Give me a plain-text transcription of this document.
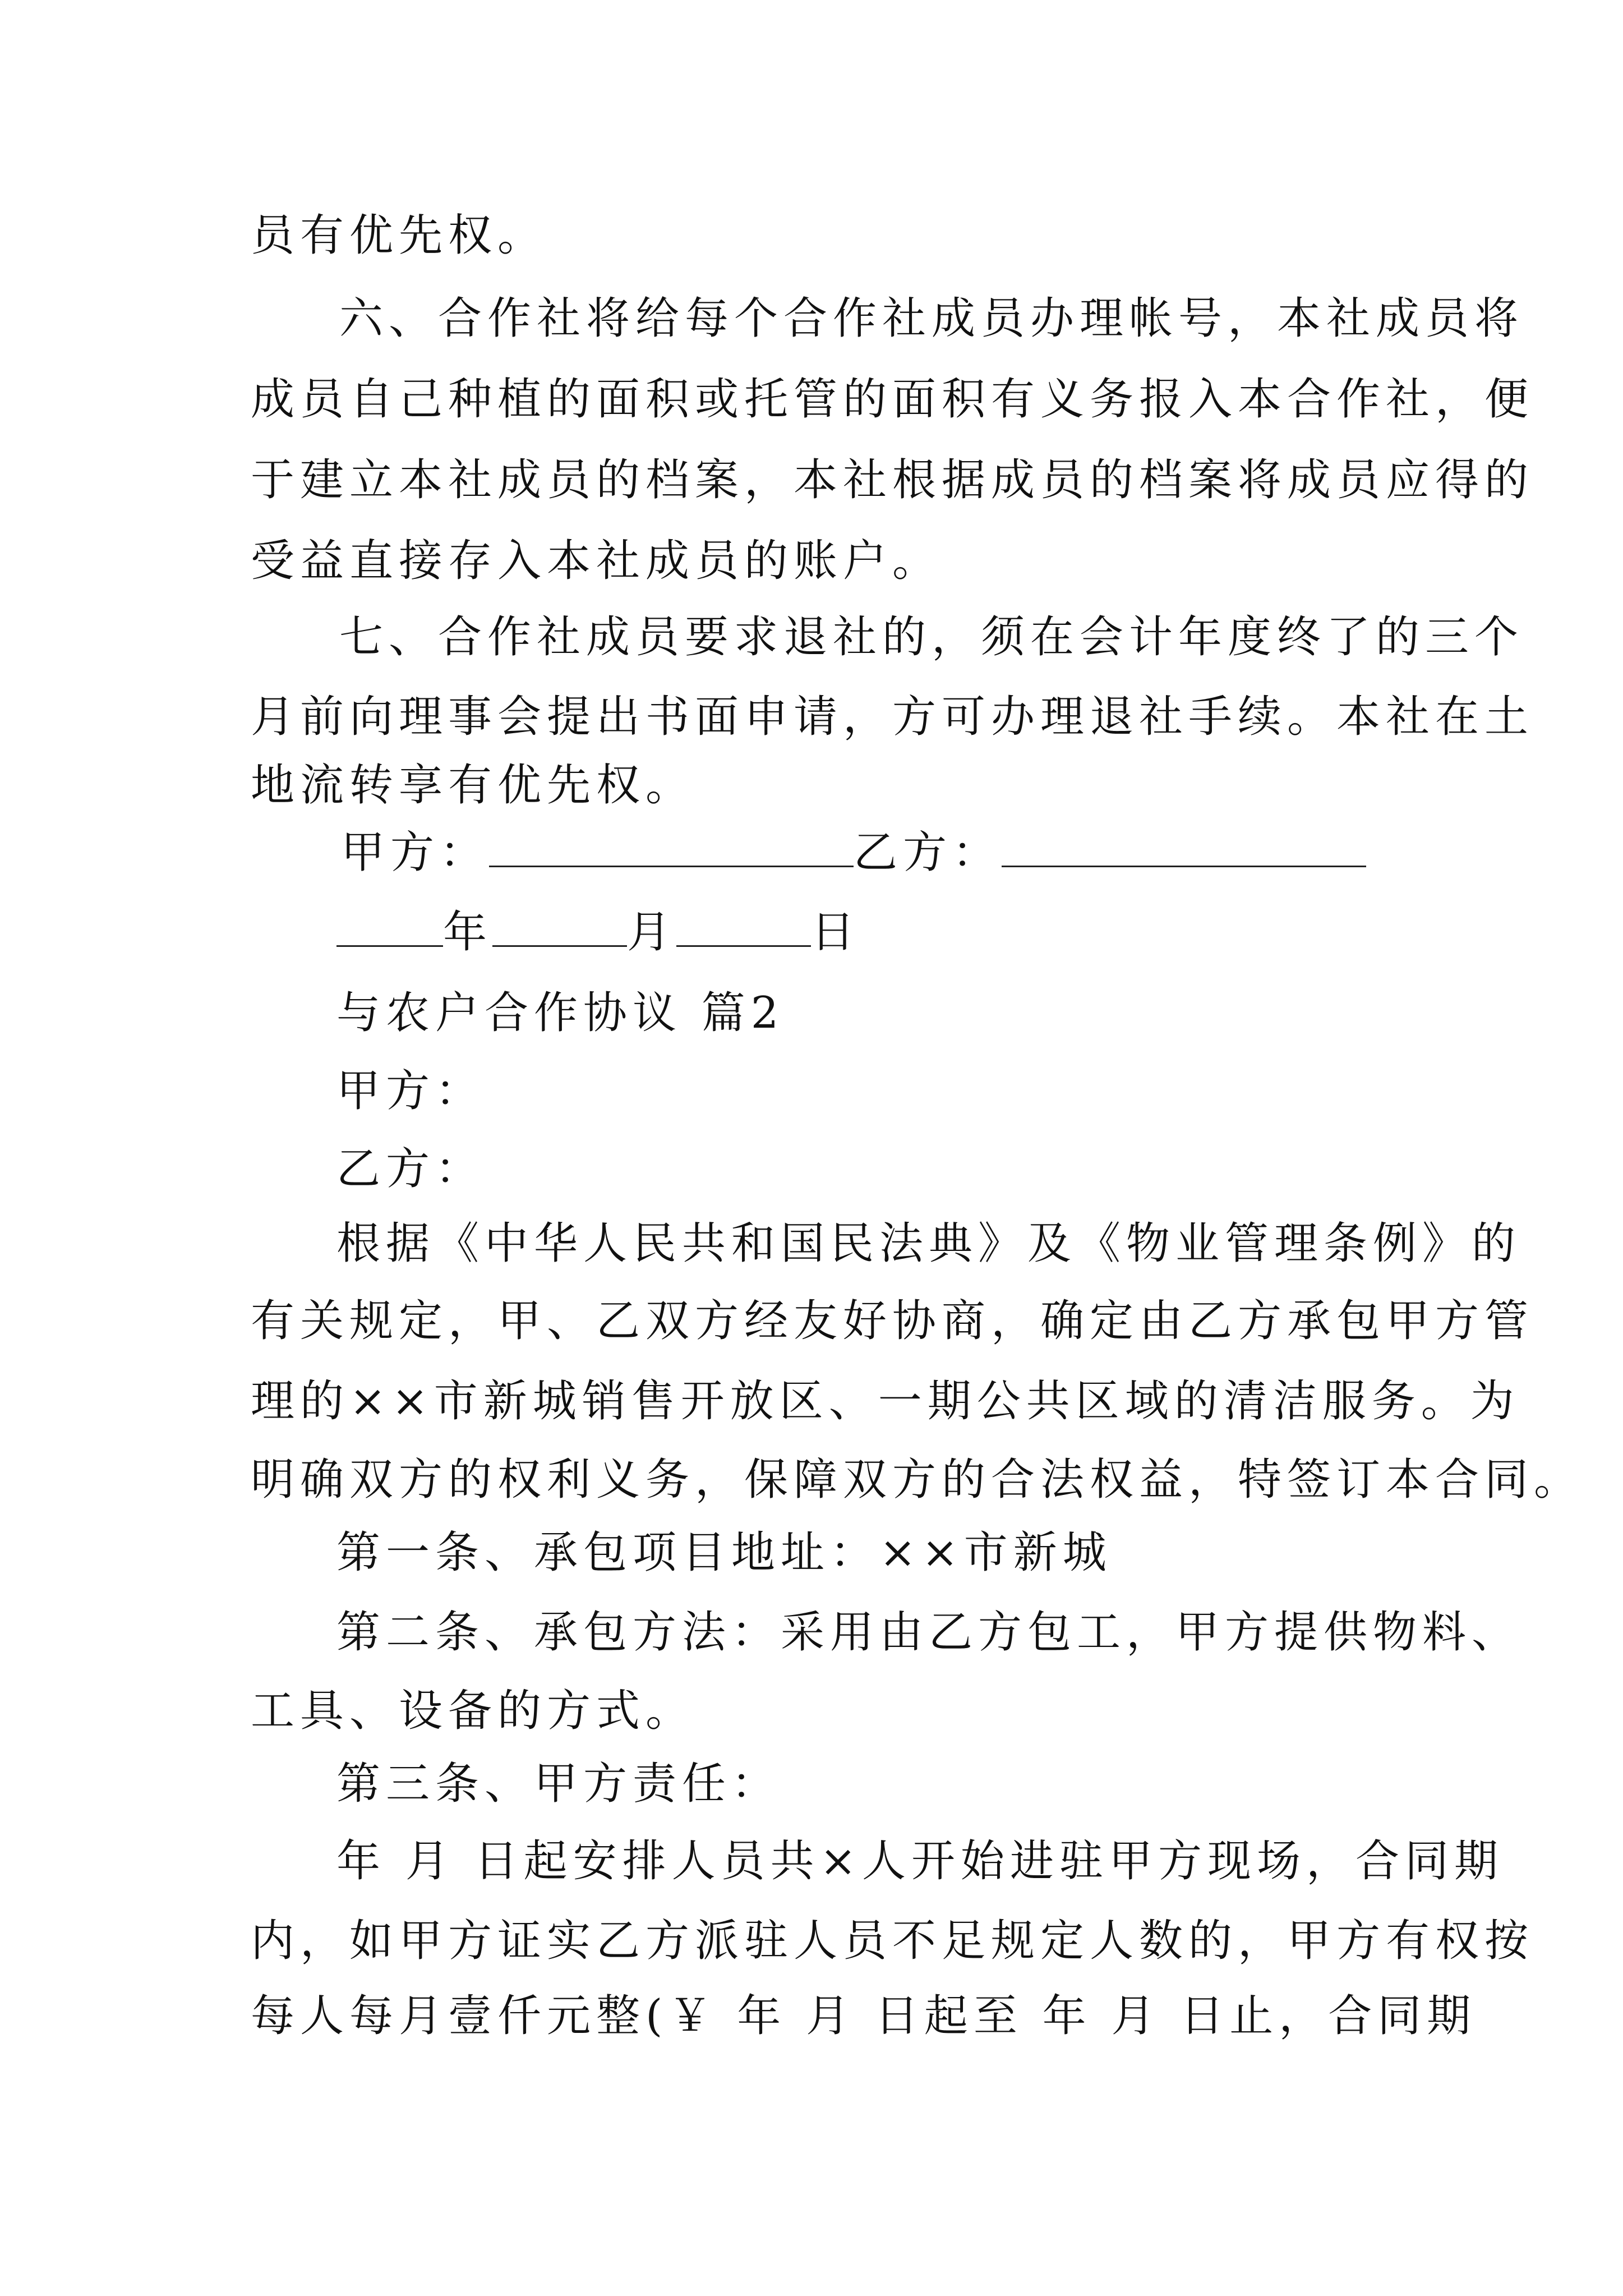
员有优先权。
六、合作社将给每个合作社成员办理帐号，本社成员将
成员自己种植的面积或托管的面积有义务报入本合作社，便
于建立本社成员的档案，本社根据成员的档案将成员应得的
受益直接存入本社成员的账户。
七、合作社成员要求退社的，须在会计年度终了的三个
月前向理事会提出书面申请，方可办理退社手续。本社在土
地流转享有优先权。
甲方：	乙方：
年	月	日
与农户合作协议 篇2
甲方：
乙方：
根据《中华人民共和国民法典》及《物业管理条例》的
有关规定，甲、乙双方经友好协商，确定由乙方承包甲方管
理的××市新城销售开放区、一期公共区域的清洁服务。为
明确双方的权利义务，保障双方的合法权益，特签订本合同。
第一条、承包项目地址：××市新城
第二条、承包方法：采用由乙方包工，甲方提供物料、
工具、设备的方式。
第三条、甲方责任：
年 月 日起安排人员共×人开始进驻甲方现场，合同期
内，如甲方证实乙方派驻人员不足规定人数的，甲方有权按
每人每月壹仟元整(￥ 年 月 日起至 年 月 日止，合同期
